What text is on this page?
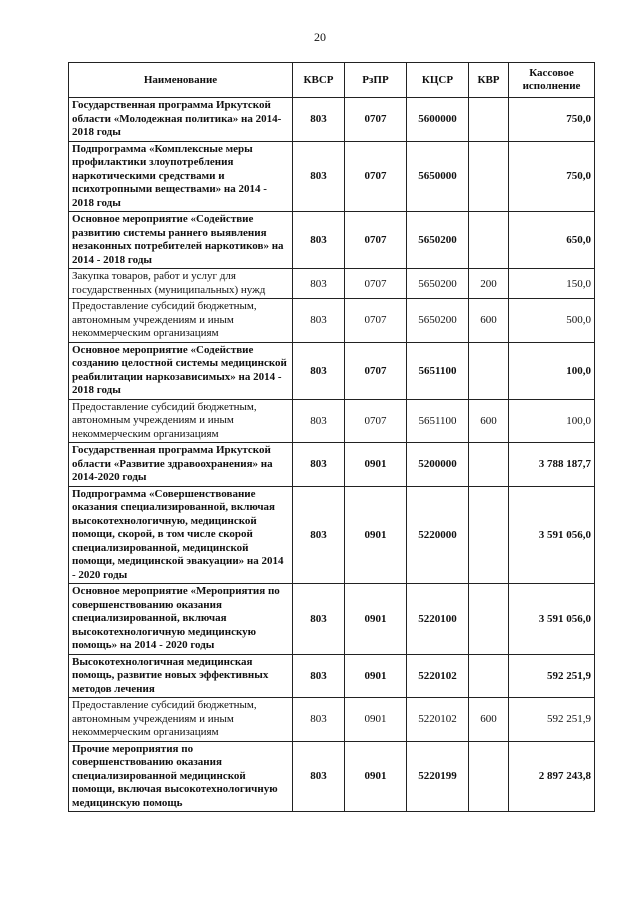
20
Наименование	КВСР	РзПР	КЦСР	КВР	Кассовое исполнение
Государственная программа Иркутской области «Молодежная политика» на 2014-2018 годы	803	0707	5600000		750,0
Подпрограмма «Комплексные меры профилактики злоупотребления наркотическими средствами и психотропными веществами» на 2014 - 2018 годы	803	0707	5650000		750,0
Основное мероприятие «Содействие развитию системы раннего выявления незаконных потребителей наркотиков» на 2014 - 2018 годы	803	0707	5650200		650,0
Закупка товаров, работ и услуг для государственных (муниципальных) нужд	803	0707	5650200	200	150,0
Предоставление субсидий бюджетным, автономным учреждениям и иным некоммерческим организациям	803	0707	5650200	600	500,0
Основное мероприятие «Содействие созданию целостной системы медицинской реабилитации наркозависимых» на 2014 - 2018 годы	803	0707	5651100		100,0
Предоставление субсидий бюджетным, автономным учреждениям и иным некоммерческим организациям	803	0707	5651100	600	100,0
Государственная программа Иркутской области «Развитие здравоохранения» на 2014-2020 годы	803	0901	5200000		3 788 187,7
Подпрограмма «Совершенствование оказания специализированной, включая высокотехнологичную, медицинской помощи, скорой, в том числе скорой специализированной, медицинской помощи, медицинской эвакуации» на 2014 - 2020 годы	803	0901	5220000		3 591 056,0
Основное мероприятие «Мероприятия по совершенствованию оказания специализированной, включая высокотехнологичную медицинскую помощь» на 2014 - 2020 годы	803	0901	5220100		3 591 056,0
Высокотехнологичная медицинская помощь, развитие новых эффективных методов лечения	803	0901	5220102		592 251,9
Предоставление субсидий бюджетным, автономным учреждениям и иным некоммерческим организациям	803	0901	5220102	600	592 251,9
Прочие мероприятия по совершенствованию оказания специализированной медицинской помощи, включая высокотехнологичную медицинскую помощь	803	0901	5220199		2 897 243,8
